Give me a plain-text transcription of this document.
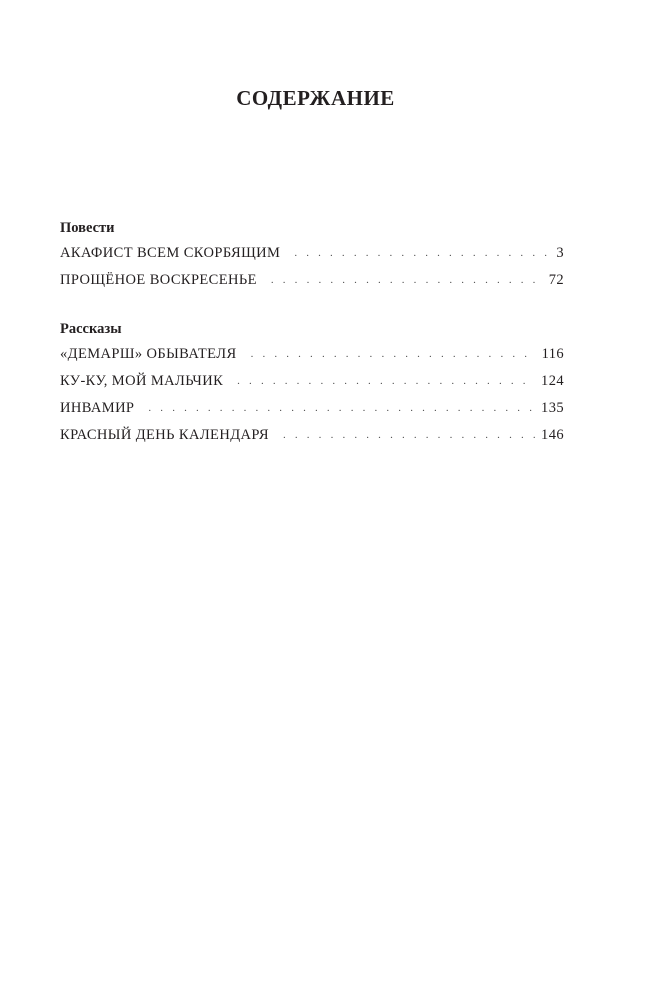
СОДЕРЖАНИЕ
Повести
АКАФИСТ ВСЕМ СКОРБЯЩИМ . . .	3
ПРОЩЁНОЕ ВОСКРЕСЕНЬЕ . . .	72
Рассказы
«ДЕМАРШ» ОБЫВАТЕЛЯ . . .	116
КУ-КУ, МОЙ МАЛЬЧИК . . .	124
ИНВАМИР . . .	135
КРАСНЫЙ ДЕНЬ КАЛЕНДАРЯ . . .	146
